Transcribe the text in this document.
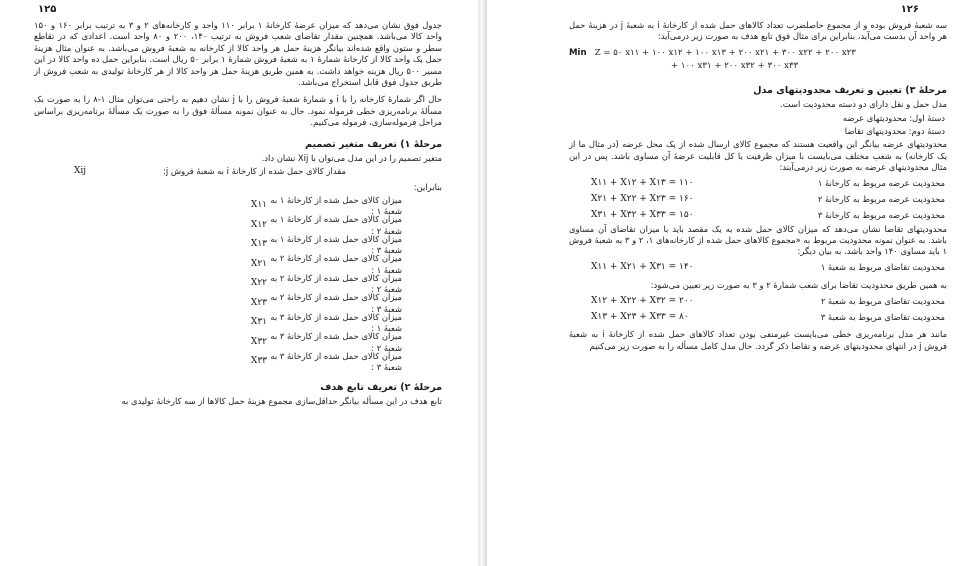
۱۲۵

جدول فوق نشان می‌دهد که میزان عرضهٔ کارخانهٔ ۱ برابر ۱۱۰ واحد و کارخانه‌های ۲ و ۳ به ترتیب برابر ۱۶۰ و ۱۵۰ واحد کالا می‌باشد. همچنین مقدار تقاضای شعب فروش به ترتیب ۱۴۰، ۲۰۰ و ۸۰ واحد است. اعدادی که در تقاطع سطر و ستون واقع شده‌اند بیانگر هزینهٔ حمل هر واحد کالا از کارخانه به شعبهٔ فروش می‌باشد. به عنوان مثال هزینهٔ حمل یک واحد کالا از کارخانهٔ شمارهٔ ۱ به شعبهٔ فروش شمارهٔ ۱ برابر ۵۰ ریال است. بنابراین حمل ده واحد کالا در این مسیر ۵۰۰ ریال هزینه خواهد داشت. به همین طریق هزینهٔ حمل هر واحد کالا از هر کارخانهٔ تولیدی به شعب فروش از طریق جدول فوق قابل استخراج می‌باشد.

حال اگر شمارهٔ کارخانه را با i و شمارهٔ شعبهٔ فروش را با j نشان دهیم به راحتی می‌توان مثال ۱-۸ را به صورت یک مسألهٔ برنامه‌ریزی خطی فرموله نمود. حال به عنوان نمونه مسألهٔ فوق را به صورت یک مسألهٔ برنامه‌ریزی براساس مراحل فرموله‌سازی، فرموله می‌کنیم.

مرحلهٔ ۱) تعریف متغیر تصمیم

متغیر تصمیم را در این مدل می‌توان با Xij نشان داد.

مقدار کالای حمل شده از کارخانهٔ i به شعبهٔ فروش j:
Xij

بنابراین:

میزان کالای حمل شده از کارخانهٔ ۱ به شعبهٔ ۱ :
X۱۱
میزان کالای حمل شده از کارخانهٔ ۱ به شعبهٔ ۲ :
X۱۲
میزان کالای حمل شده از کارخانهٔ ۱ به شعبهٔ ۳ :
X۱۳
میزان کالای حمل شده از کارخانهٔ ۲ به شعبهٔ ۱ :
X۲۱
میزان کالای حمل شده از کارخانهٔ ۲ به شعبهٔ ۲ :
X۲۲
میزان کالای حمل شده از کارخانهٔ ۲ به شعبهٔ ۳ :
X۲۳
میزان کالای حمل شده از کارخانهٔ ۳ به شعبهٔ ۱ :
X۳۱
میزان کالای حمل شده از کارخانهٔ ۳ به شعبهٔ ۲ :
X۳۲
میزان کالای حمل شده از کارخانهٔ ۳ به شعبهٔ ۳ :
X۳۳
مرحلهٔ ۲) تعریف تابع هدف

تابع هدف در این مسأله بیانگر حداقل‌سازی مجموع هزینهٔ حمل کالاها از سه کارخانهٔ تولیدی به

۱۲۶

سه شعبهٔ فروش بوده و از مجموع حاصلضرب تعداد کالاهای حمل شده از کارخانهٔ i به شعبهٔ j در هزینهٔ حمل هر واحد آن بدست می‌آید، بنابراین برای مثال فوق تابع هدف به صورت زیر درمی‌آید:

Min Z = ۵۰ x۱۱ + ۱۰۰ x۱۲ + ۱۰۰ x۱۳ + ۲۰۰ x۲۱ + ۳۰۰ x۲۲ + ۲۰۰ x۲۳
+ ۱۰۰ x۳۱ + ۲۰۰ x۳۲ + ۳۰۰ x۳۳
مرحلهٔ ۳) تعیین و تعریف محدودیتهای مدل

مدل حمل و نقل دارای دو دسته محدودیت است.

دستهٔ اول: محدودیتهای عرضه

دستهٔ دوم: محدودیتهای تقاضا

محدودیتهای عرضه بیانگر این واقعیت هستند که مجموع کالای ارسال شده از یک محل عرضه (در مثال ما از یک کارخانه) به شعب مختلف می‌بایست با میزان ظرفیت یا کل قابلیت عرضهٔ آن مساوی باشد. پس در این مثال محدودیتهای عرضه به صورت زیر درمی‌آیند:

محدودیت عرضه مربوط به کارخانهٔ ۱
X۱۱ + X۱۲ + X۱۳ = ۱۱۰
محدودیت عرضه مربوط به کارخانهٔ ۲
X۲۱ + X۲۲ + X۲۳ = ۱۶۰
محدودیت عرضه مربوط به کارخانهٔ ۳
X۳۱ + X۳۲ + X۳۳ = ۱۵۰

محدودیتهای تقاضا نشان می‌دهد که میزان کالای حمل شده به یک مقصد باید با میزان تقاضای آن مساوی باشد. به عنوان نمونه محدودیت مربوط به «مجموع کالاهای حمل شده از کارخانه‌های ۱، ۲ و ۳ به شعبهٔ فروش ۱ باید مساوی ۱۴۰ واحد باشد. به بیان دیگر:

محدودیت تقاضای مربوط به شعبهٔ ۱
X۱۱ + X۲۱ + X۳۱ = ۱۴۰

به همین طریق محدودیت تقاضا برای شعب شمارهٔ ۲ و ۳ به صورت زیر تعیین می‌شود:

محدودیت تقاضای مربوط به شعبهٔ ۲
X۱۲ + X۲۲ + X۳۲ = ۲۰۰
محدودیت تقاضای مربوط به شعبهٔ ۳
X۱۳ + X۲۳ + X۳۳ = ۸۰

مانند هر مدل برنامه‌ریزی خطی می‌بایست غیرمنفی بودن تعداد کالاهای حمل شده از کارخانهٔ i به شعبهٔ فروش j در انتهای محدودیتهای عرضه و تقاضا ذکر گردد. حال مدل کامل مسأله را به صورت زیر می‌کنیم
